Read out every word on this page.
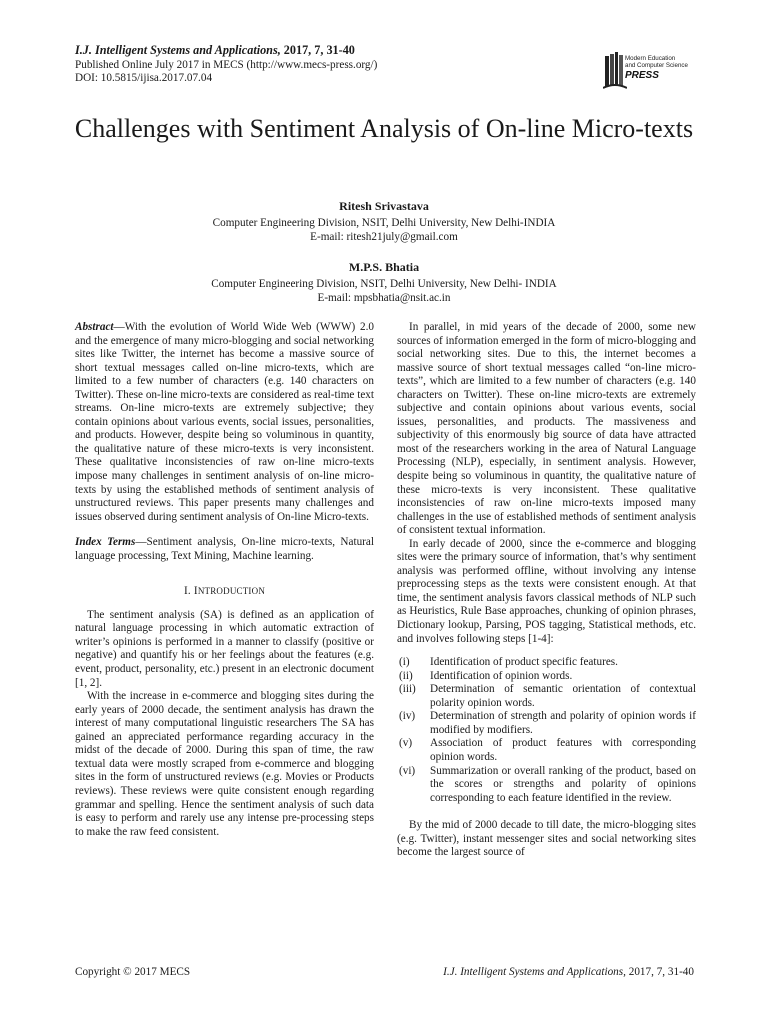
I.J. Intelligent Systems and Applications, 2017, 7, 31-40
Published Online July 2017 in MECS (http://www.mecs-press.org/)
DOI: 10.5815/ijisa.2017.07.04
Modern Education
and Computer Science
PRESS
Challenges with Sentiment Analysis of On-line Micro-texts
Ritesh Srivastava
Computer Engineering Division, NSIT, Delhi University, New Delhi-INDIA
E-mail: ritesh21july@gmail.com
M.P.S. Bhatia
Computer Engineering Division, NSIT, Delhi University, New Delhi- INDIA
E-mail: mpsbhatia@nsit.ac.in

Abstract—With the evolution of World Wide Web (WWW) 2.0 and the emergence of many micro-blogging and social networking sites like Twitter, the internet has become a massive source of short textual messages called on-line micro-texts, which are limited to a few number of characters (e.g. 140 characters on Twitter). These on-line micro-texts are considered as real-time text streams. On-line micro-texts are extremely subjective; they contain opinions about various events, social issues, personalities, and products. However, despite being so voluminous in quantity, the qualitative nature of these micro-texts is very inconsistent. These qualitative inconsistencies of raw on-line micro-texts impose many challenges in sentiment analysis of on-line micro-texts by using the established methods of sentiment analysis of unstructured reviews. This paper presents many challenges and issues observed during sentiment analysis of On-line Micro-texts.

Index Terms—Sentiment analysis, On-line micro-texts, Natural language processing, Text Mining, Machine learning.

I. INTRODUCTION

The sentiment analysis (SA) is defined as an application of natural language processing in which automatic extraction of writer’s opinions is performed in a manner to classify (positive or negative) and quantify his or her feelings about the features (e.g. event, product, personality, etc.) present in an electronic document [1, 2].

With the increase in e-commerce and blogging sites during the early years of 2000 decade, the sentiment analysis has drawn the interest of many computational linguistic researchers The SA has gained an appreciated performance regarding accuracy in the midst of the decade of 2000. During this span of time, the raw textual data were mostly scraped from e-commerce and blogging sites in the form of unstructured reviews (e.g. Movies or Products reviews). These reviews were quite consistent enough regarding grammar and spelling. Hence the sentiment analysis of such data is easy to perform and rarely use any intense pre-processing steps to make the raw feed consistent.

In parallel, in mid years of the decade of 2000, some new sources of information emerged in the form of micro-blogging and social networking sites. Due to this, the internet becomes a massive source of short textual messages called “on-line micro-texts”, which are limited to a few number of characters (e.g. 140 characters on Twitter). These on-line micro-texts are extremely subjective and contain opinions about various events, social issues, personalities, and products. The massiveness and subjectivity of this enormously big source of data have attracted most of the researchers working in the area of Natural Language Processing (NLP), especially, in sentiment analysis. However, despite being so voluminous in quantity, the qualitative nature of these micro-texts is very inconsistent. These qualitative inconsistencies of raw on-line micro-texts imposed many challenges in the use of established methods of sentiment analysis of consistent textual information.

In early decade of 2000, since the e-commerce and blogging sites were the primary source of information, that’s why sentiment analysis was performed offline, without involving any intense preprocessing steps as the texts were consistent enough. At that time, the sentiment analysis favors classical methods of NLP such as Heuristics, Rule Base approaches, chunking of opinion phrases, Dictionary lookup, Parsing, POS tagging, Statistical methods, etc. and involves following steps [1-4]:

(i)	Identification of product specific features.
(ii)	Identification of opinion words.
(iii)	Determination of semantic orientation of contextual polarity opinion words.
(iv)	Determination of strength and polarity of opinion words if modified by modifiers.
(v)	Association of product features with corresponding opinion words.
(vi)	Summarization or overall ranking of the product, based on the scores or strengths and polarity of opinions corresponding to each feature identified in the review.

By the mid of 2000 decade to till date, the micro-blogging sites (e.g. Twitter), instant messenger sites and social networking sites become the largest source of

Copyright © 2017 MECS	I.J. Intelligent Systems and Applications, 2017, 7, 31-40
